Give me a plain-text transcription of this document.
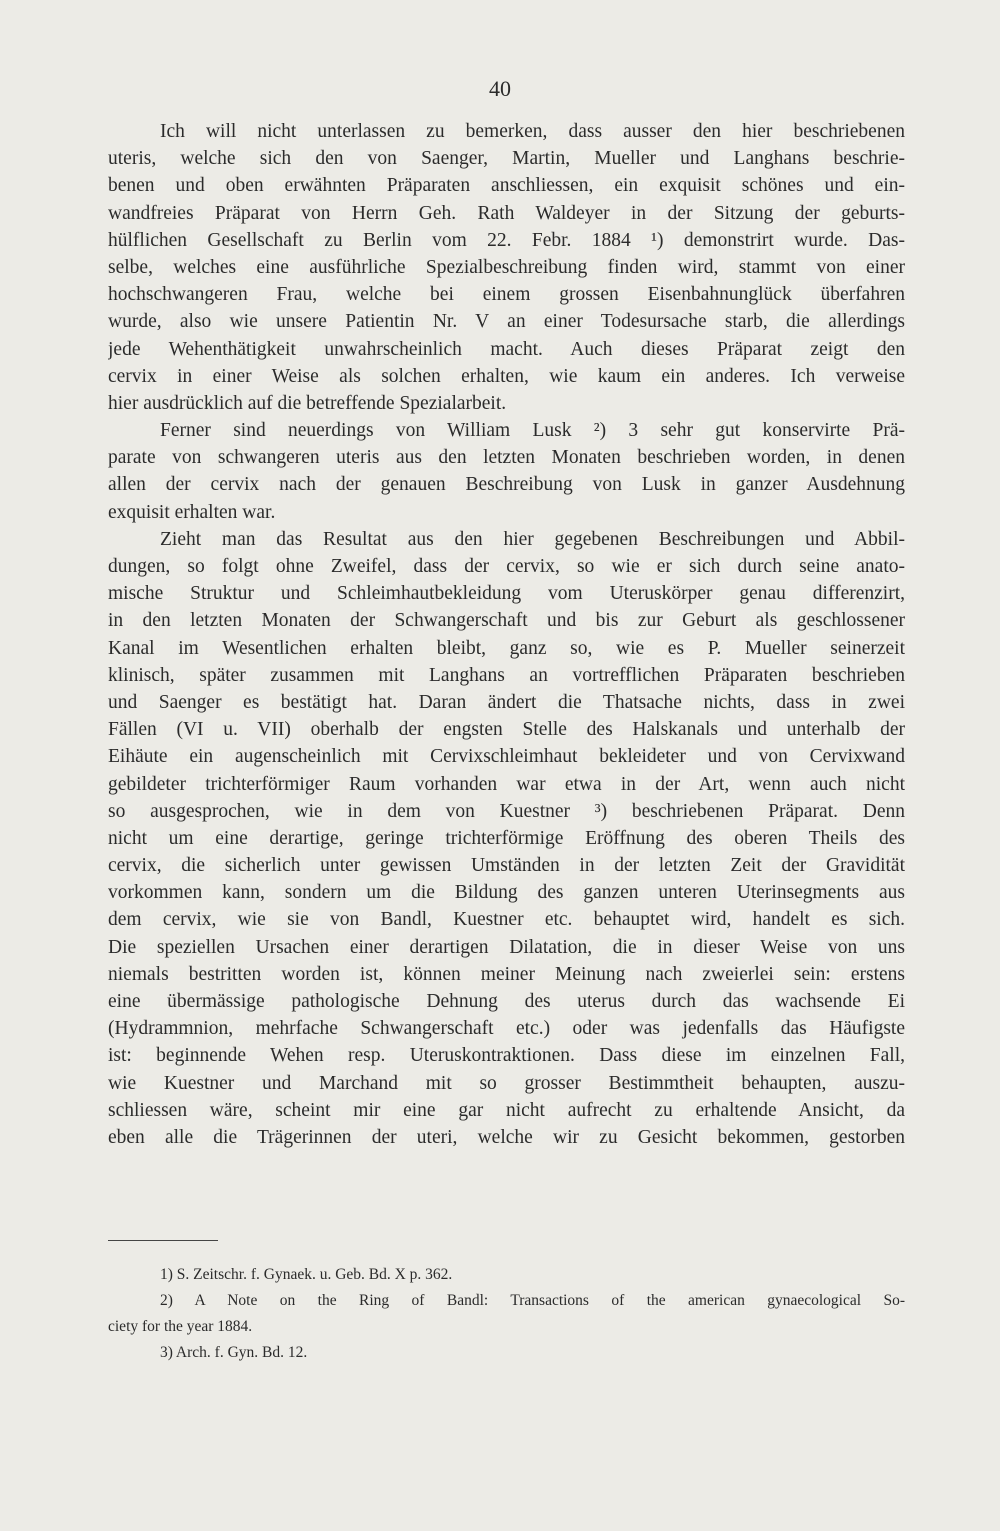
40
Ich will nicht unterlassen zu bemerken, dass ausser den hier beschriebenen
uteris, welche sich den von Saenger, Martin, Mueller und Langhans beschrie-
benen und oben erwähnten Präparaten anschliessen, ein exquisit schönes und ein-
wandfreies Präparat von Herrn Geh. Rath Waldeyer in der Sitzung der geburts-
hülflichen Gesellschaft zu Berlin vom 22. Febr. 1884 ¹) demonstrirt wurde. Das-
selbe, welches eine ausführliche Spezialbeschreibung finden wird, stammt von einer
hochschwangeren Frau, welche bei einem grossen Eisenbahnunglück überfahren
wurde, also wie unsere Patientin Nr. V an einer Todesursache starb, die allerdings
jede Wehenthätigkeit unwahrscheinlich macht. Auch dieses Präparat zeigt den
cervix in einer Weise als solchen erhalten, wie kaum ein anderes. Ich verweise
hier ausdrücklich auf die betreffende Spezialarbeit.
Ferner sind neuerdings von William Lusk ²) 3 sehr gut konservirte Prä-
parate von schwangeren uteris aus den letzten Monaten beschrieben worden, in denen
allen der cervix nach der genauen Beschreibung von Lusk in ganzer Ausdehnung
exquisit erhalten war.
Zieht man das Resultat aus den hier gegebenen Beschreibungen und Abbil-
dungen, so folgt ohne Zweifel, dass der cervix, so wie er sich durch seine anato-
mische Struktur und Schleimhautbekleidung vom Uteruskörper genau differenzirt,
in den letzten Monaten der Schwangerschaft und bis zur Geburt als geschlossener
Kanal im Wesentlichen erhalten bleibt, ganz so, wie es P. Mueller seinerzeit
klinisch, später zusammen mit Langhans an vortrefflichen Präparaten beschrieben
und Saenger es bestätigt hat. Daran ändert die Thatsache nichts, dass in zwei
Fällen (VI u. VII) oberhalb der engsten Stelle des Halskanals und unterhalb der
Eihäute ein augenscheinlich mit Cervixschleimhaut bekleideter und von Cervixwand
gebildeter trichterförmiger Raum vorhanden war etwa in der Art, wenn auch nicht
so ausgesprochen, wie in dem von Kuestner ³) beschriebenen Präparat. Denn
nicht um eine derartige, geringe trichterförmige Eröffnung des oberen Theils des
cervix, die sicherlich unter gewissen Umständen in der letzten Zeit der Gravidität
vorkommen kann, sondern um die Bildung des ganzen unteren Uterinsegments aus
dem cervix, wie sie von Bandl, Kuestner etc. behauptet wird, handelt es sich.
Die speziellen Ursachen einer derartigen Dilatation, die in dieser Weise von uns
niemals bestritten worden ist, können meiner Meinung nach zweierlei sein: erstens
eine übermässige pathologische Dehnung des uterus durch das wachsende Ei
(Hydrammnion, mehrfache Schwangerschaft etc.) oder was jedenfalls das Häufigste
ist: beginnende Wehen resp. Uteruskontraktionen. Dass diese im einzelnen Fall,
wie Kuestner und Marchand mit so grosser Bestimmtheit behaupten, auszu-
schliessen wäre, scheint mir eine gar nicht aufrecht zu erhaltende Ansicht, da
eben alle die Trägerinnen der uteri, welche wir zu Gesicht bekommen, gestorben
1) S. Zeitschr. f. Gynaek. u. Geb. Bd. X p. 362.
2) A Note on the Ring of Bandl: Transactions of the american gynaecological So-
ciety for the year 1884.
3) Arch. f. Gyn. Bd. 12.
